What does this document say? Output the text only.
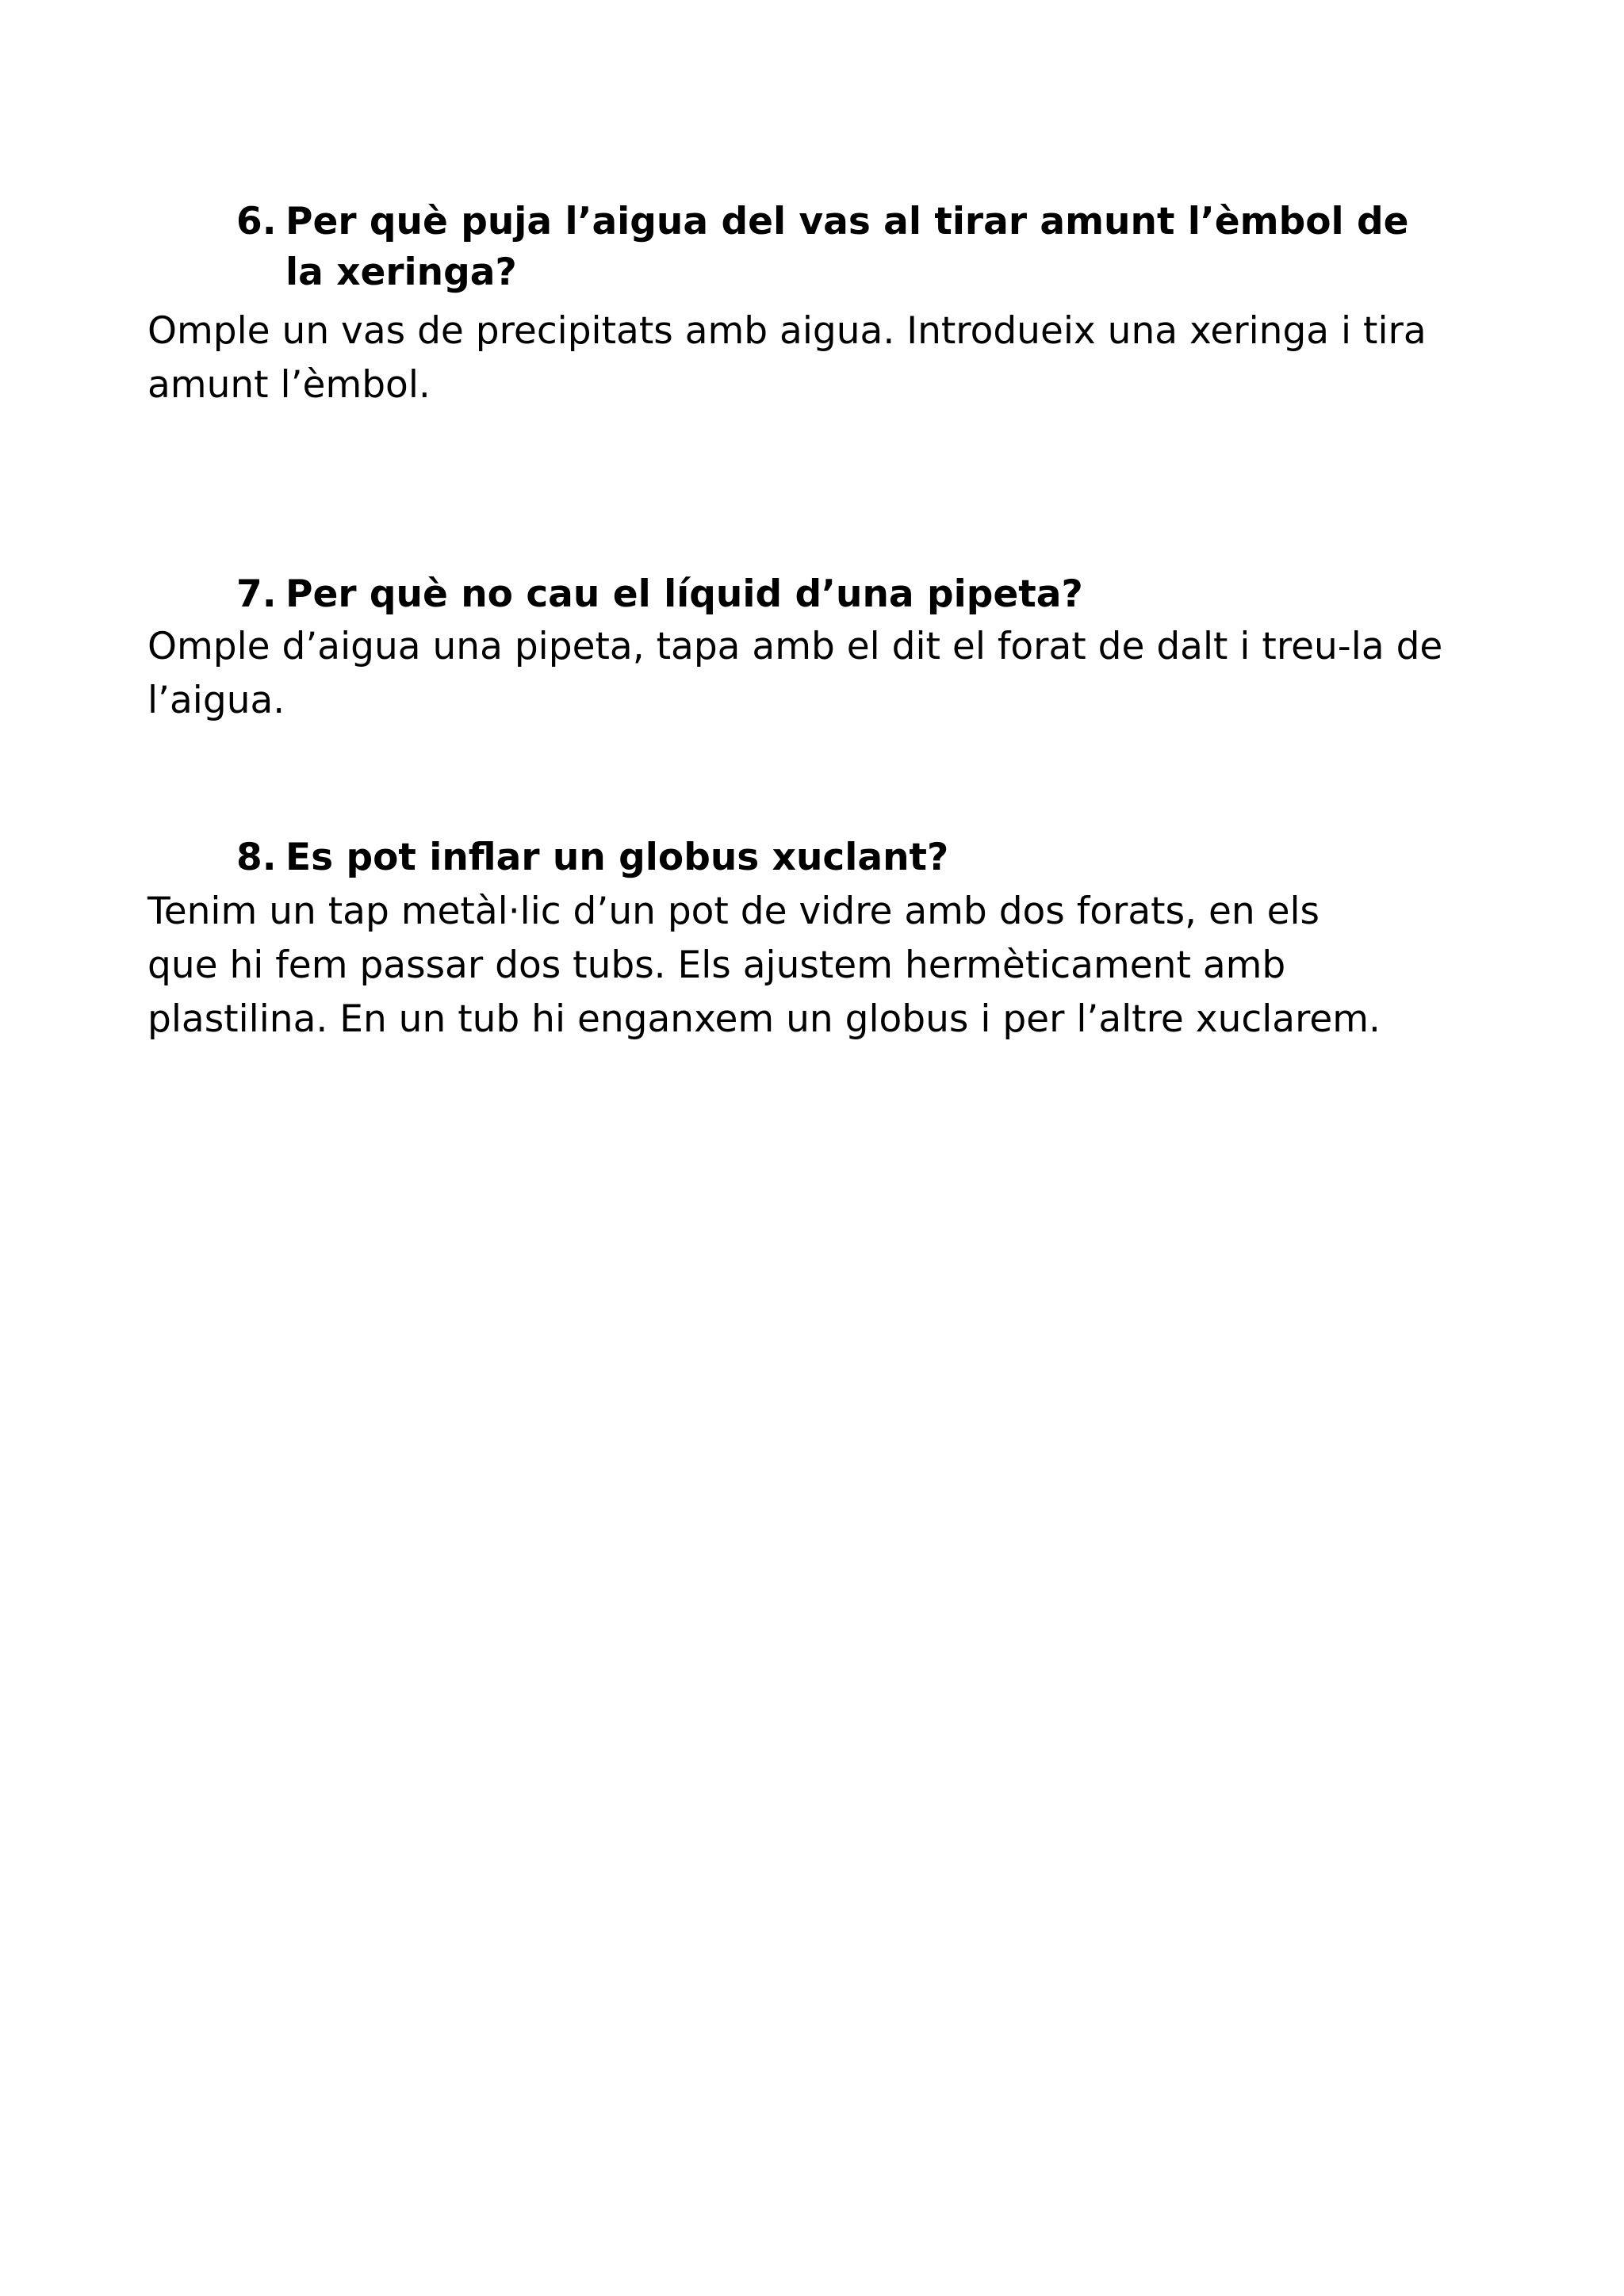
6. Per què puja l’aigua del vas al tirar amunt l’èmbol de la xeringa?
Omple un vas de precipitats amb aigua. Introdueix una xeringa i tira amunt l’èmbol.
7. Per què no cau el líquid d’una pipeta?
Omple d’aigua una pipeta, tapa amb el dit el forat de dalt i treu-la de l’aigua.
8. Es pot inflar un globus xuclant?
Tenim un tap metàl·lic d’un pot de vidre amb dos forats, en els que hi fem passar dos tubs. Els ajustem hermèticament amb plastilina. En un tub hi enganxem un globus i per l’altre xuclarem.
